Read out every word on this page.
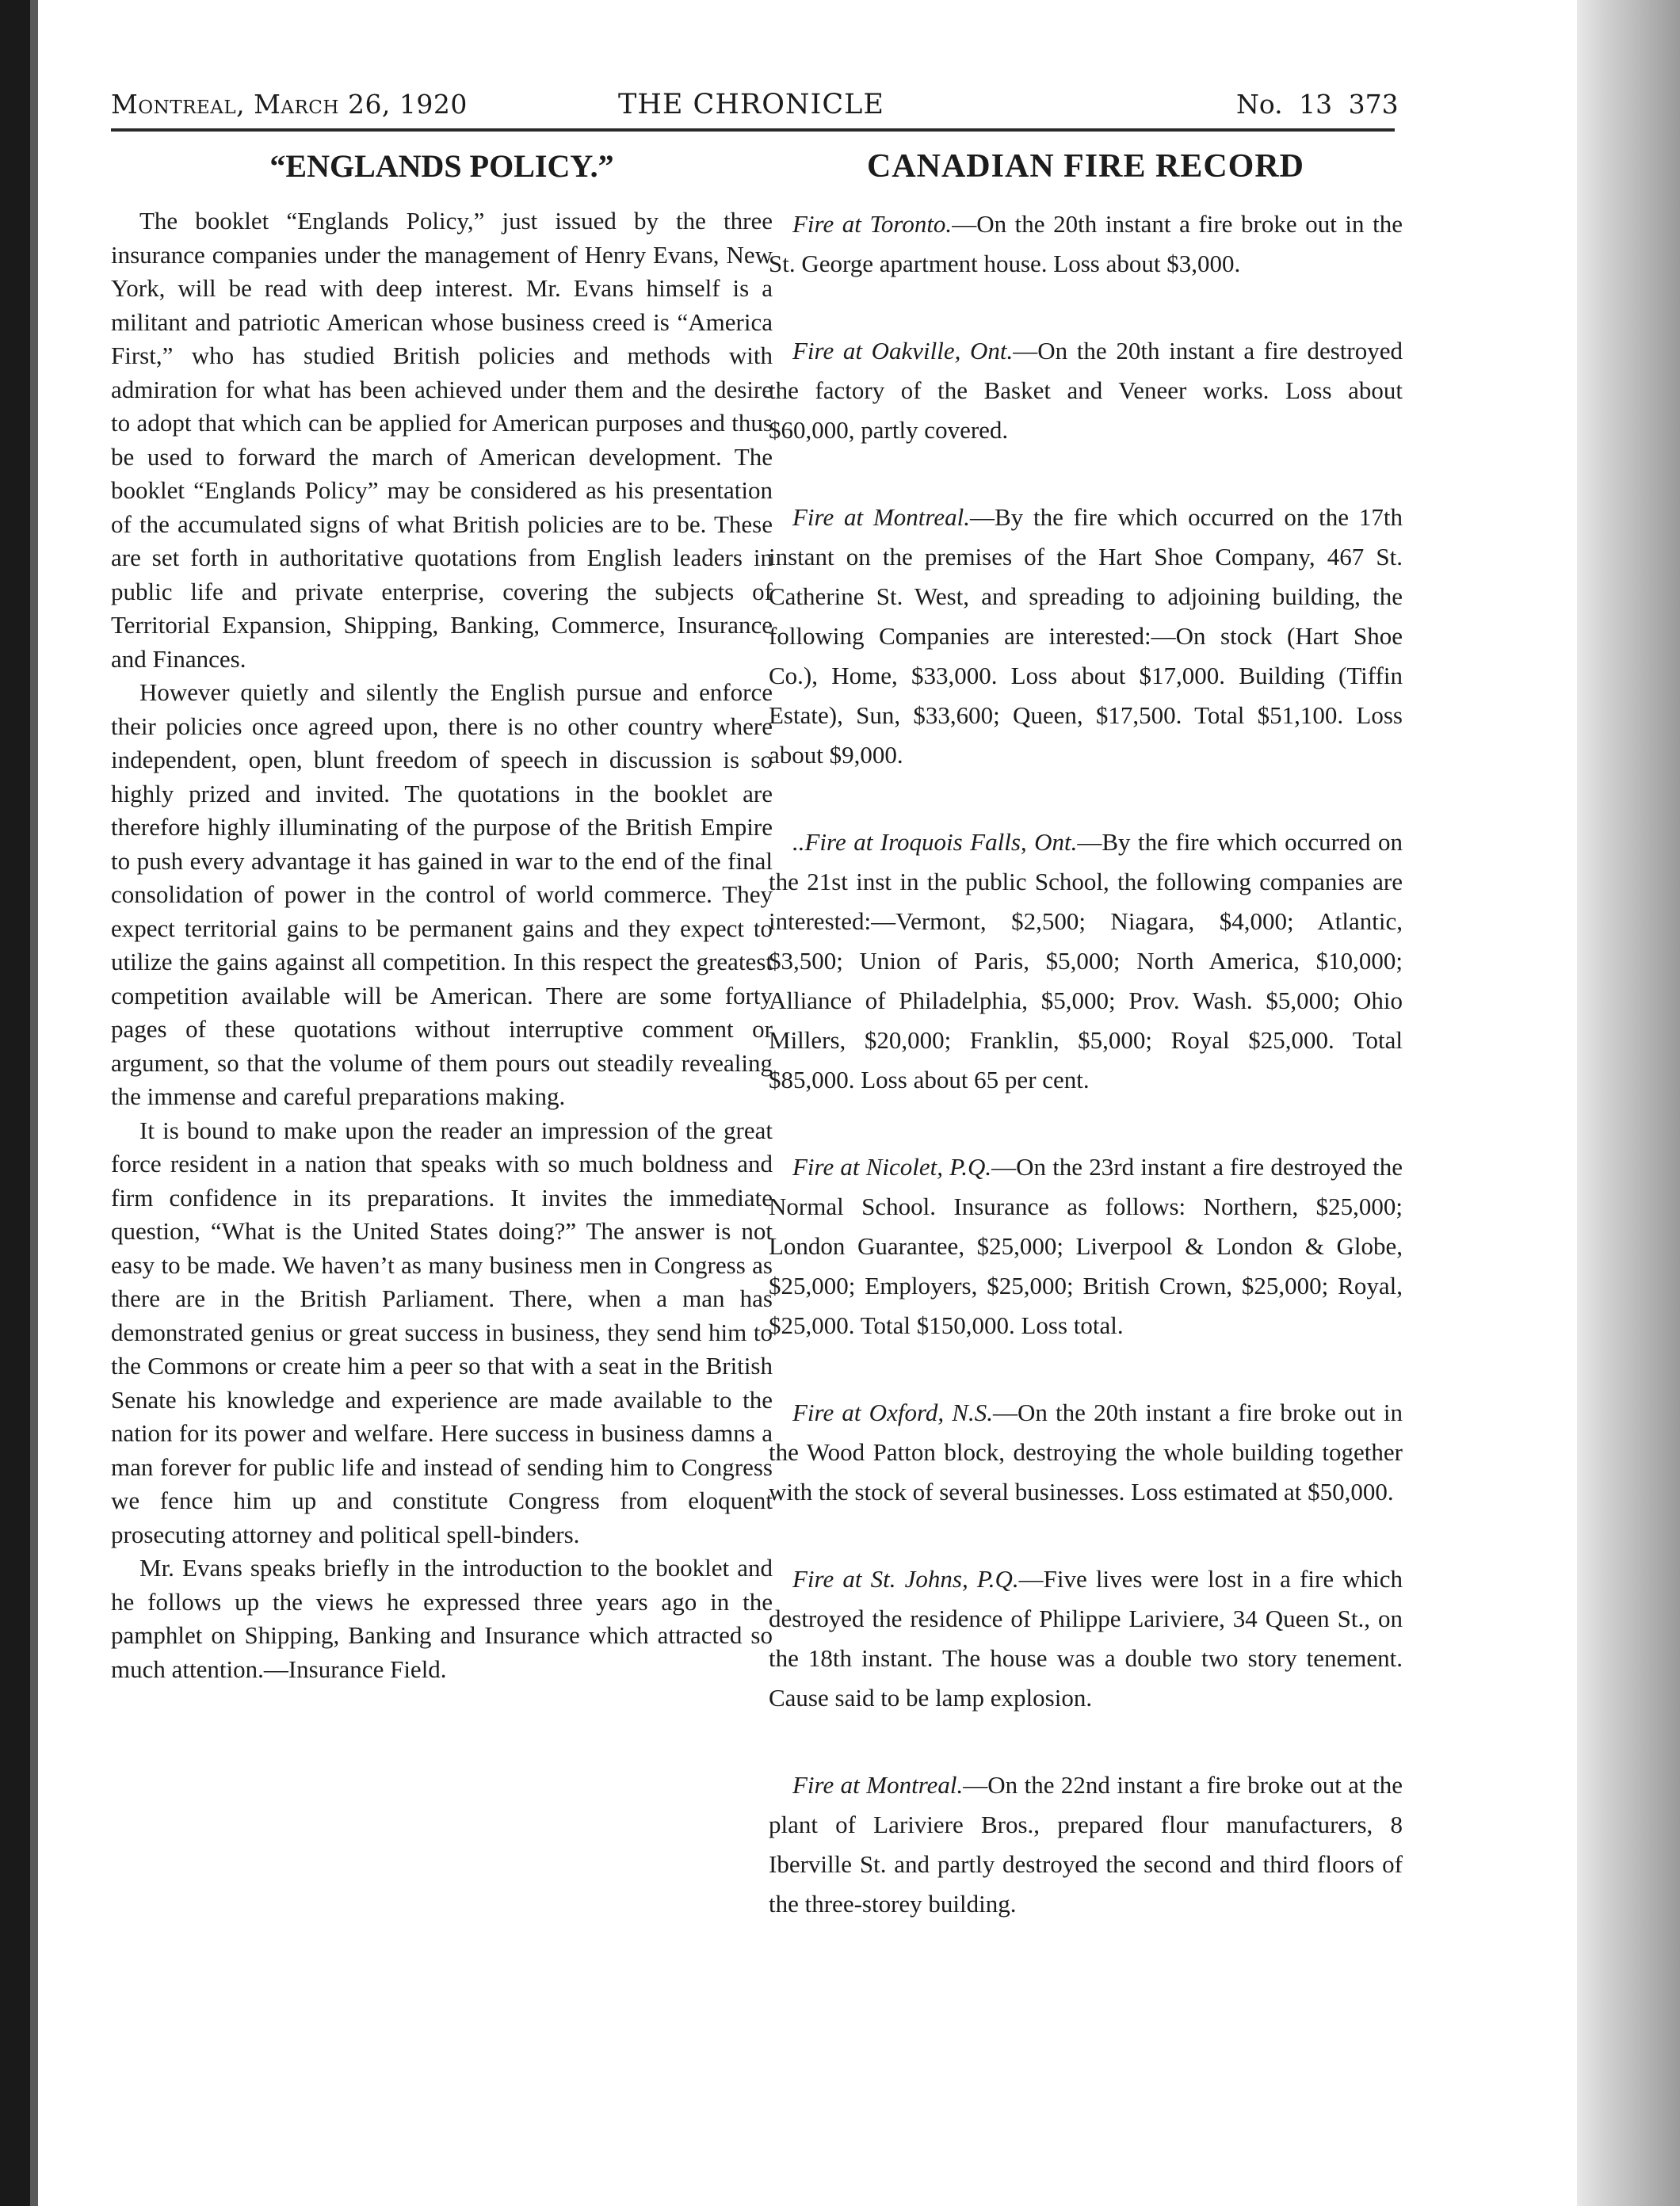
Montreal, March 26, 1920	THE CHRONICLE	No. 13 373
“ENGLANDS POLICY.”

The booklet “Englands Policy,” just issued by the three insurance companies under the management of Henry Evans, New York, will be read with deep interest. Mr. Evans himself is a militant and patriotic American whose business creed is “America First,” who has studied British policies and methods with admiration for what has been achieved under them and the desire to adopt that which can be applied for American purposes and thus be used to forward the march of American development. The booklet “Englands Policy” may be considered as his presentation of the accumulated signs of what British policies are to be. These are set forth in authoritative quotations from English leaders in public life and private enterprise, covering the subjects of Territorial Expansion, Shipping, Banking, Commerce, Insurance and Finances.

However quietly and silently the English pursue and enforce their policies once agreed upon, there is no other country where independent, open, blunt freedom of speech in discussion is so highly prized and invited. The quotations in the booklet are therefore highly illuminating of the purpose of the British Empire to push every advantage it has gained in war to the end of the final consolidation of power in the control of world commerce. They expect territorial gains to be permanent gains and they expect to utilize the gains against all competition. In this respect the greatest competition available will be American. There are some forty pages of these quotations without interruptive comment or argument, so that the volume of them pours out steadily revealing the immense and careful preparations making.

It is bound to make upon the reader an impression of the great force resident in a nation that speaks with so much boldness and firm confidence in its preparations. It invites the immediate question, “What is the United States doing?” The answer is not easy to be made. We haven’t as many business men in Congress as there are in the British Parliament. There, when a man has demonstrated genius or great success in business, they send him to the Commons or create him a peer so that with a seat in the British Senate his knowledge and experience are made available to the nation for its power and welfare. Here success in business damns a man forever for public life and instead of sending him to Congress we fence him up and constitute Congress from eloquent prosecuting attorney and political spell-binders.

Mr. Evans speaks briefly in the introduction to the booklet and he follows up the views he expressed three years ago in the pamphlet on Shipping, Banking and Insurance which attracted so much attention.—Insurance Field.

CANADIAN FIRE RECORD

Fire at Toronto.—On the 20th instant a fire broke out in the St. George apartment house. Loss about $3,000.

Fire at Oakville, Ont.—On the 20th instant a fire destroyed the factory of the Basket and Veneer works. Loss about $60,000, partly covered.

Fire at Montreal.—By the fire which occurred on the 17th instant on the premises of the Hart Shoe Company, 467 St. Catherine St. West, and spreading to adjoining building, the following Companies are interested:—On stock (Hart Shoe Co.), Home, $33,000. Loss about $17,000. Building (Tiffin Estate), Sun, $33,600; Queen, $17,500. Total $51,100. Loss about $9,000.

..Fire at Iroquois Falls, Ont.—By the fire which occurred on the 21st inst in the public School, the following companies are interested:—Vermont, $2,500; Niagara, $4,000; Atlantic, $3,500; Union of Paris, $5,000; North America, $10,000; Alliance of Philadelphia, $5,000; Prov. Wash. $5,000; Ohio Millers, $20,000; Franklin, $5,000; Royal $25,000. Total $85,000. Loss about 65 per cent.

Fire at Nicolet, P.Q.—On the 23rd instant a fire destroyed the Normal School. Insurance as follows: Northern, $25,000; London Guarantee, $25,000; Liverpool & London & Globe, $25,000; Employers, $25,000; British Crown, $25,000; Royal, $25,000. Total $150,000. Loss total.

Fire at Oxford, N.S.—On the 20th instant a fire broke out in the Wood Patton block, destroying the whole building together with the stock of several businesses. Loss estimated at $50,000.

Fire at St. Johns, P.Q.—Five lives were lost in a fire which destroyed the residence of Philippe Lariviere, 34 Queen St., on the 18th instant. The house was a double two story tenement. Cause said to be lamp explosion.

Fire at Montreal.—On the 22nd instant a fire broke out at the plant of Lariviere Bros., prepared flour manufacturers, 8 Iberville St. and partly destroyed the second and third floors of the three-storey building.
